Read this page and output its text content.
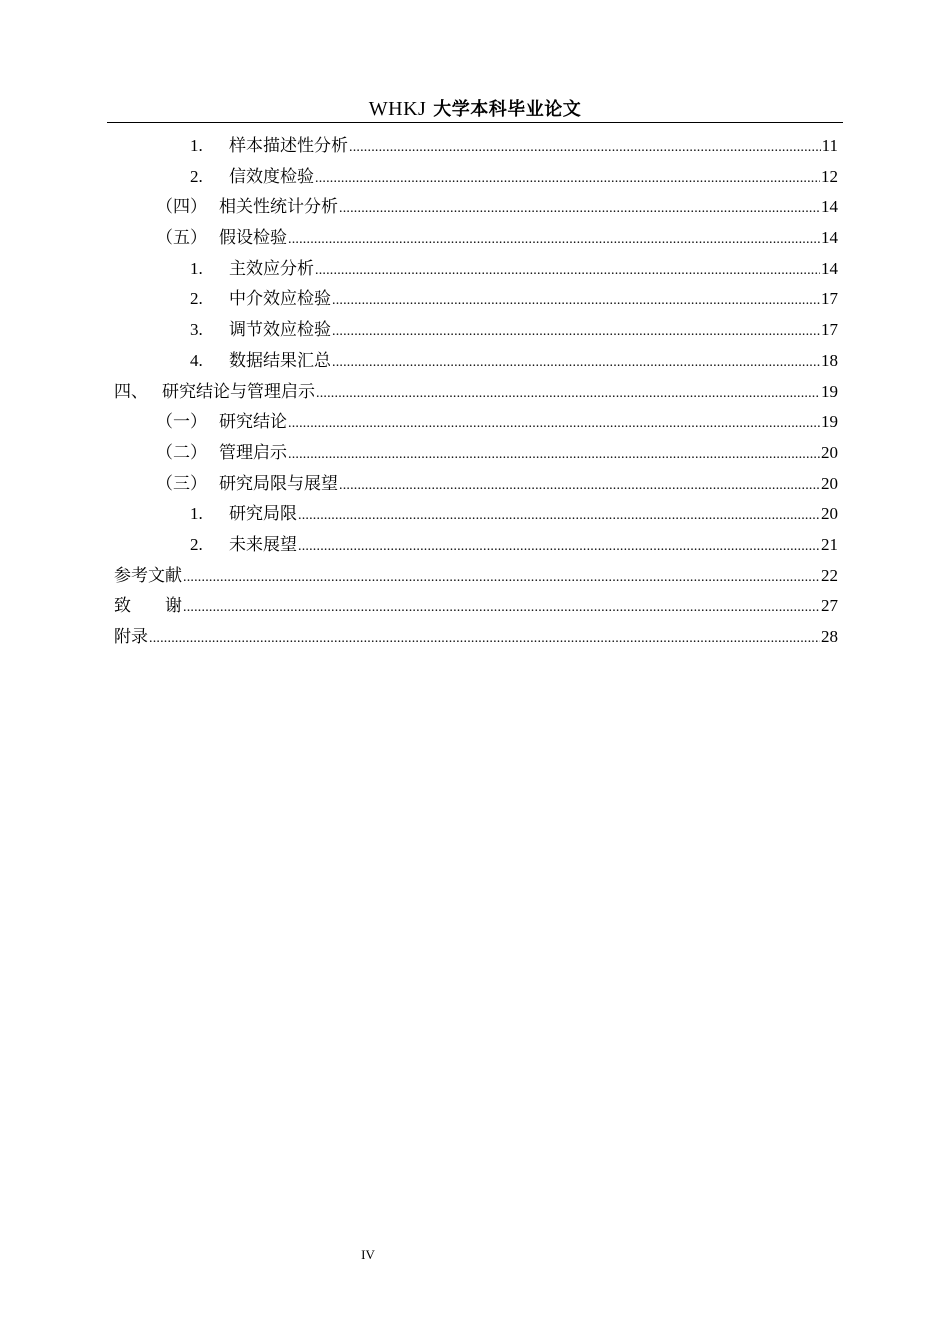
WHKJ 大学本科毕业论文
1.	样本描述性分析 .....	11
2.	信效度检验 .....	12
（四） 相关性统计分析 .....	14
（五） 假设检验 .....	14
1.	主效应分析 .....	14
2.	中介效应检验 .....	17
3.	调节效应检验 .....	17
4.	数据结果汇总 .....	18
四、 研究结论与管理启示 .....	19
（一） 研究结论 .....	19
（二） 管理启示 .....	20
（三） 研究局限与展望 .....	20
1.	研究局限 .....	20
2.	未来展望 .....	21
参考文献 .....	22
致　　谢 .....	27
附录 .....	28
IV
